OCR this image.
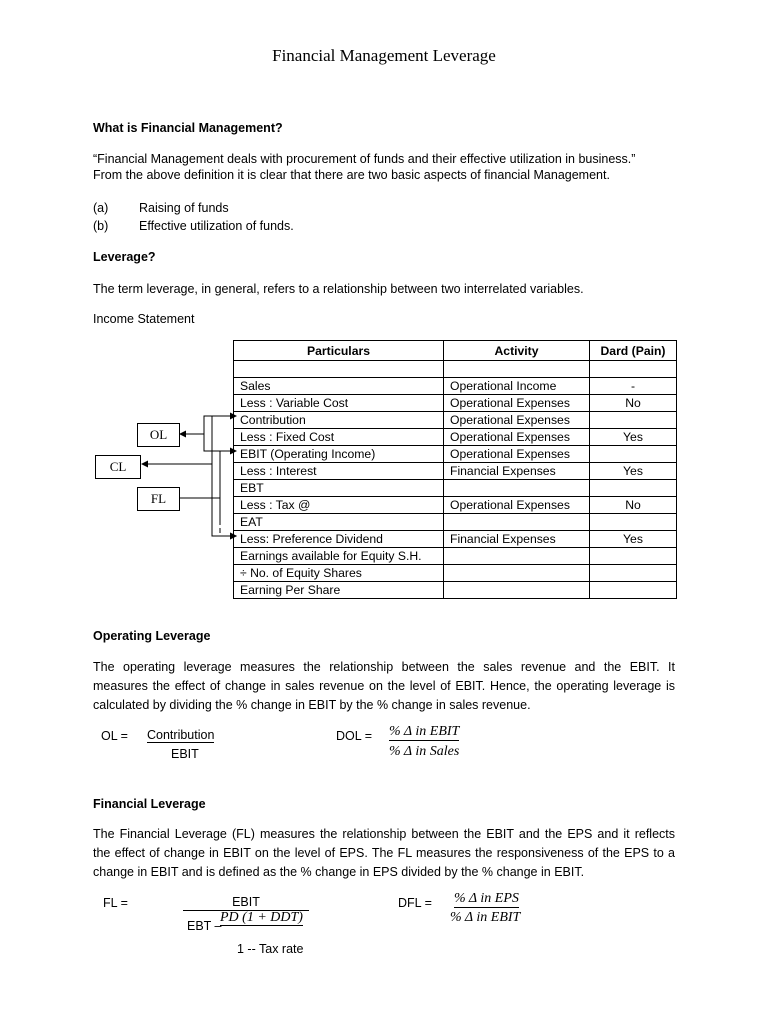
Financial Management Leverage
What is Financial Management?
“Financial Management deals with procurement of funds and their effective utilization in business.”
From the above definition it is clear that there are two basic aspects of financial Management.
(a) Raising of funds
(b) Effective utilization of funds.
Leverage?
The term leverage, in general, refers to a relationship between two interrelated variables.
Income Statement
Particulars	Activity	Dard (Pain)

Sales	Operational Income	-
Less : Variable Cost	Operational Expenses	No
Contribution	Operational Expenses	
Less : Fixed Cost	Operational Expenses	Yes
EBIT (Operating Income)	Operational Expenses	
Less : Interest	Financial Expenses	Yes
EBT		
Less : Tax @	Operational Expenses	No
EAT		
Less: Preference Dividend	Financial Expenses	Yes
Earnings available for Equity S.H.		
÷ No. of Equity Shares		
Earning Per Share		
OL
CL
FL
Operating Leverage
The operating leverage measures the relationship between the sales revenue and the EBIT. It
measures the effect of change in sales revenue on the level of EBIT. Hence, the operating leverage is
calculated by dividing the % change in EBIT by the % change in sales revenue.
OL = Contribution
EBIT
DOL = % Δ in EBIT
% Δ in Sales
Financial Leverage
The Financial Leverage (FL) measures the relationship between the EBIT and the EPS and it reflects
the effect of change in EBIT on the level of EPS. The FL measures the responsiveness of the EPS to a
change in EBIT and is defined as the % change in EPS divided by the % change in EBIT.
FL =	EBIT
EBT –
PD (1 + DDT)
1 -- Tax rate
DFL = % Δ in EPS
% Δ in EBIT
